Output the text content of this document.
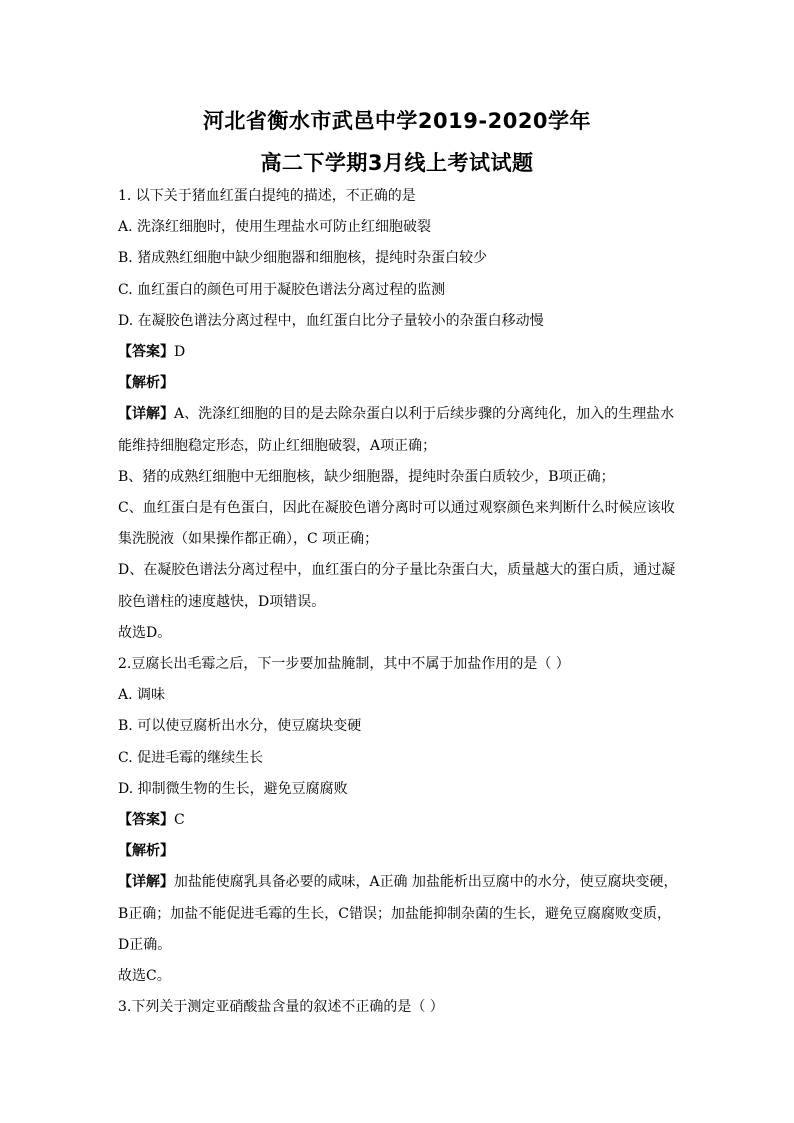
河北省衡水市武邑中学2019-2020学年
高二下学期3月线上考试试题
1. 以下关于猪血红蛋白提纯的描述，不正确的是
A. 洗涤红细胞时，使用生理盐水可防止红细胞破裂
B. 猪成熟红细胞中缺少细胞器和细胞核，提纯时杂蛋白较少
C. 血红蛋白的颜色可用于凝胶色谱法分离过程的监测
D. 在凝胶色谱法分离过程中，血红蛋白比分子量较小的杂蛋白移动慢
【答案】D
【解析】
【详解】A、洗涤红细胞的目的是去除杂蛋白以利于后续步骤的分离纯化，加入的生理盐水
能维持细胞稳定形态，防止红细胞破裂，A项正确；
B、猪的成熟红细胞中无细胞核，缺少细胞器，提纯时杂蛋白质较少，B项正确；
C、血红蛋白是有色蛋白，因此在凝胶色谱分离时可以通过观察颜色来判断什么时候应该收
集洗脱液（如果操作都正确），C 项正确；
D、在凝胶色谱法分离过程中，血红蛋白的分子量比杂蛋白大，质量越大的蛋白质，通过凝
胶色谱柱的速度越快，D项错误。
故选D。
2.豆腐长出毛霉之后，下一步要加盐腌制，其中不属于加盐作用的是（ ）
A. 调味
B. 可以使豆腐析出水分，使豆腐块变硬
C. 促进毛霉的继续生长
D. 抑制微生物的生长，避免豆腐腐败
【答案】C
【解析】
【详解】加盐能使腐乳具备必要的咸味，A正确 加盐能析出豆腐中的水分，使豆腐块变硬，
B正确；加盐不能促进毛霉的生长，C错误；加盐能抑制杂菌的生长，避免豆腐腐败变质，
D正确。
故选C。
3.下列关于测定亚硝酸盐含量的叙述不正确的是（ ）
